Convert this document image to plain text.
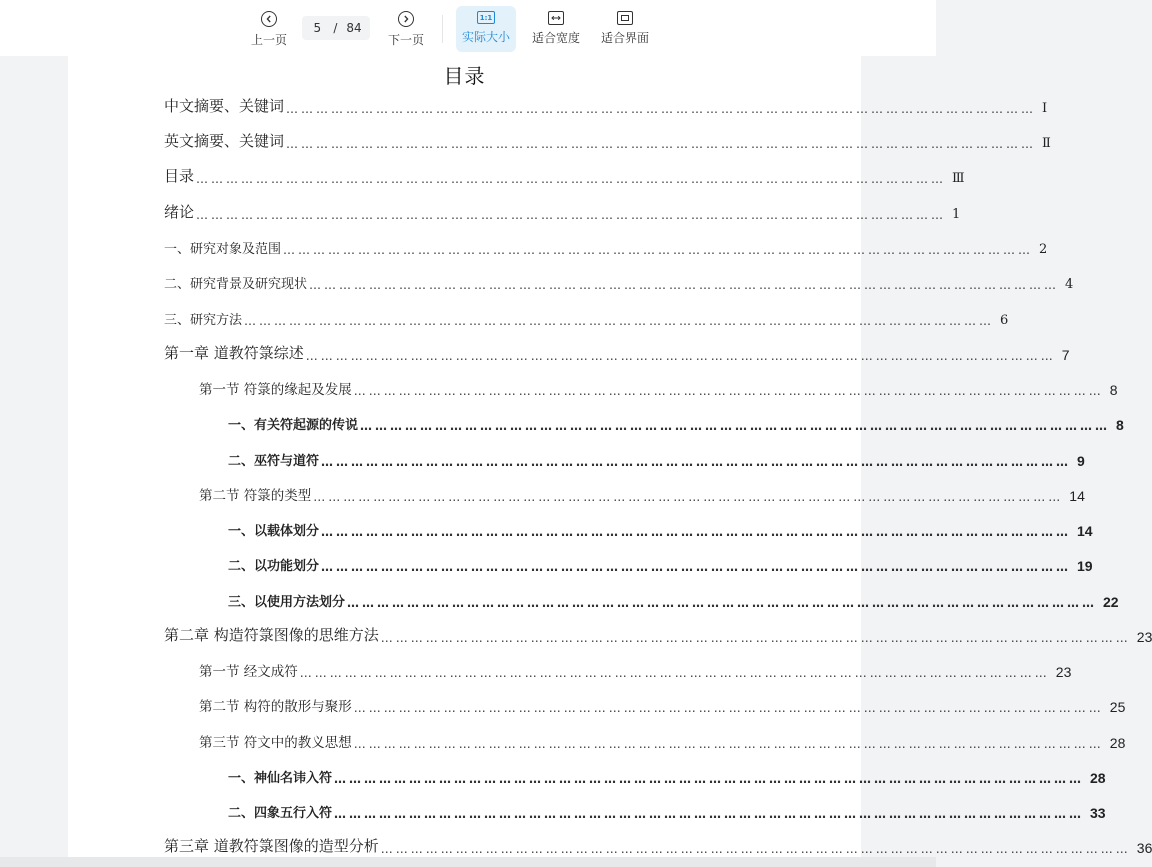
上一页
5 / 84
下一页
1:1
实际大小 适合宽度 适合界面
目录
中文摘要、关键词 …………………………………………………………………………………………………………………………………… Ⅰ
英文摘要、关键词 …………………………………………………………………………………………………………………………………… Ⅱ
目录 …………………………………………………………………………………………………………………………………… Ⅲ
绪论 …………………………………………………………………………………………………………………………………… 1
一、研究对象及范围 …………………………………………………………………………………………………………………………………… 2
二、研究背景及研究现状 …………………………………………………………………………………………………………………………………… 4
三、研究方法 …………………………………………………………………………………………………………………………………… 6
第一章 道教符箓综述 …………………………………………………………………………………………………………………………………… 7
第一节 符箓的缘起及发展 …………………………………………………………………………………………………………………………………… 8
一、有关符起源的传说 …………………………………………………………………………………………………………………………………… 8
二、巫符与道符 …………………………………………………………………………………………………………………………………… 9
第二节 符箓的类型 …………………………………………………………………………………………………………………………………… 14
一、以载体划分 …………………………………………………………………………………………………………………………………… 14
二、以功能划分 …………………………………………………………………………………………………………………………………… 19
三、以使用方法划分 …………………………………………………………………………………………………………………………………… 22
第二章 构造符箓图像的思维方法 …………………………………………………………………………………………………………………………………… 23
第一节 经文成符 …………………………………………………………………………………………………………………………………… 23
第二节 构符的散形与聚形 …………………………………………………………………………………………………………………………………… 25
第三节 符文中的教义思想 …………………………………………………………………………………………………………………………………… 28
一、神仙名讳入符 …………………………………………………………………………………………………………………………………… 28
二、四象五行入符 …………………………………………………………………………………………………………………………………… 33
第三章 道教符箓图像的造型分析 …………………………………………………………………………………………………………………………………… 36
